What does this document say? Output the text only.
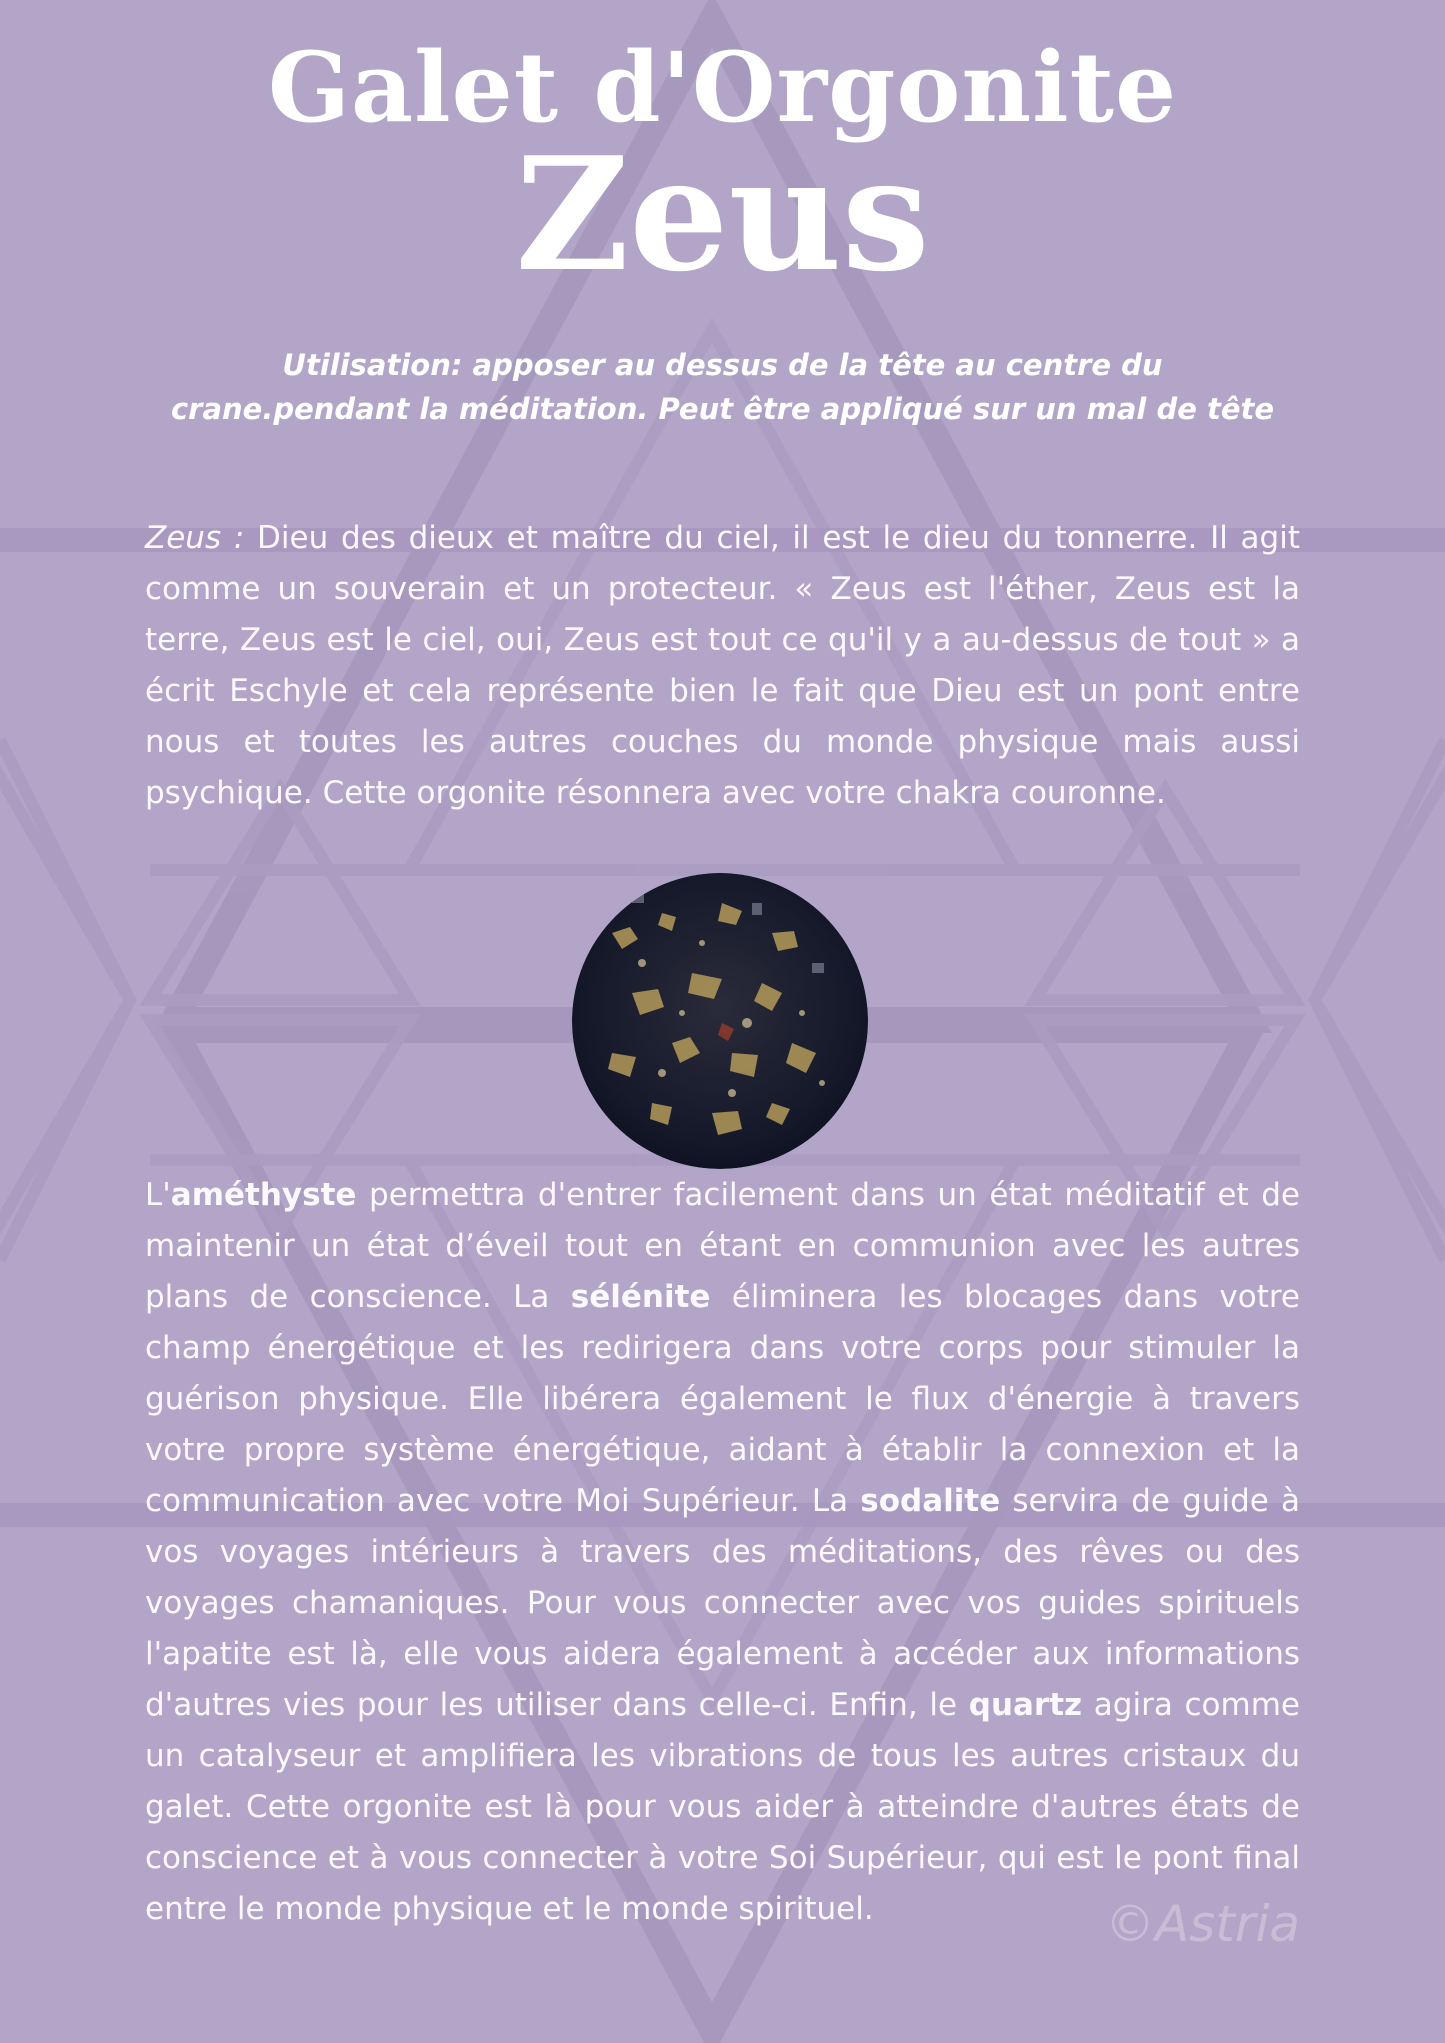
Galet d'Orgonite
Zeus
Utilisation: apposer au dessus de la tête au centre du crane.pendant la méditation. Peut être appliqué sur un mal de tête
Zeus : Dieu des dieux et maître du ciel, il est le dieu du tonnerre. Il agit comme un souverain et un protecteur. « Zeus est l'éther, Zeus est la terre, Zeus est le ciel, oui, Zeus est tout ce qu'il y a au-dessus de tout » a écrit Eschyle et cela représente bien le fait que Dieu est un pont entre nous et toutes les autres couches du monde physique mais aussi psychique. Cette orgonite résonnera avec votre chakra couronne.
L'améthyste permettra d'entrer facilement dans un état méditatif et de maintenir un état d’éveil tout en étant en communion avec les autres plans de conscience. La sélénite éliminera les blocages dans votre champ énergétique et les redirigera dans votre corps pour stimuler la guérison physique. Elle libérera également le flux d'énergie à travers votre propre système énergétique, aidant à établir la connexion et la communication avec votre Moi Supérieur. La sodalite servira de guide à vos voyages intérieurs à travers des méditations, des rêves ou des voyages chamaniques. Pour vous connecter avec vos guides spirituels l'apatite est là, elle vous aidera également à accéder aux informations d'autres vies pour les utiliser dans celle-ci. Enfin, le quartz agira comme un catalyseur et amplifiera les vibrations de tous les autres cristaux du galet. Cette orgonite est là pour vous aider à atteindre d'autres états de conscience et à vous connecter à votre Soi Supérieur, qui est le pont final entre le monde physique et le monde spirituel.	©Astria
